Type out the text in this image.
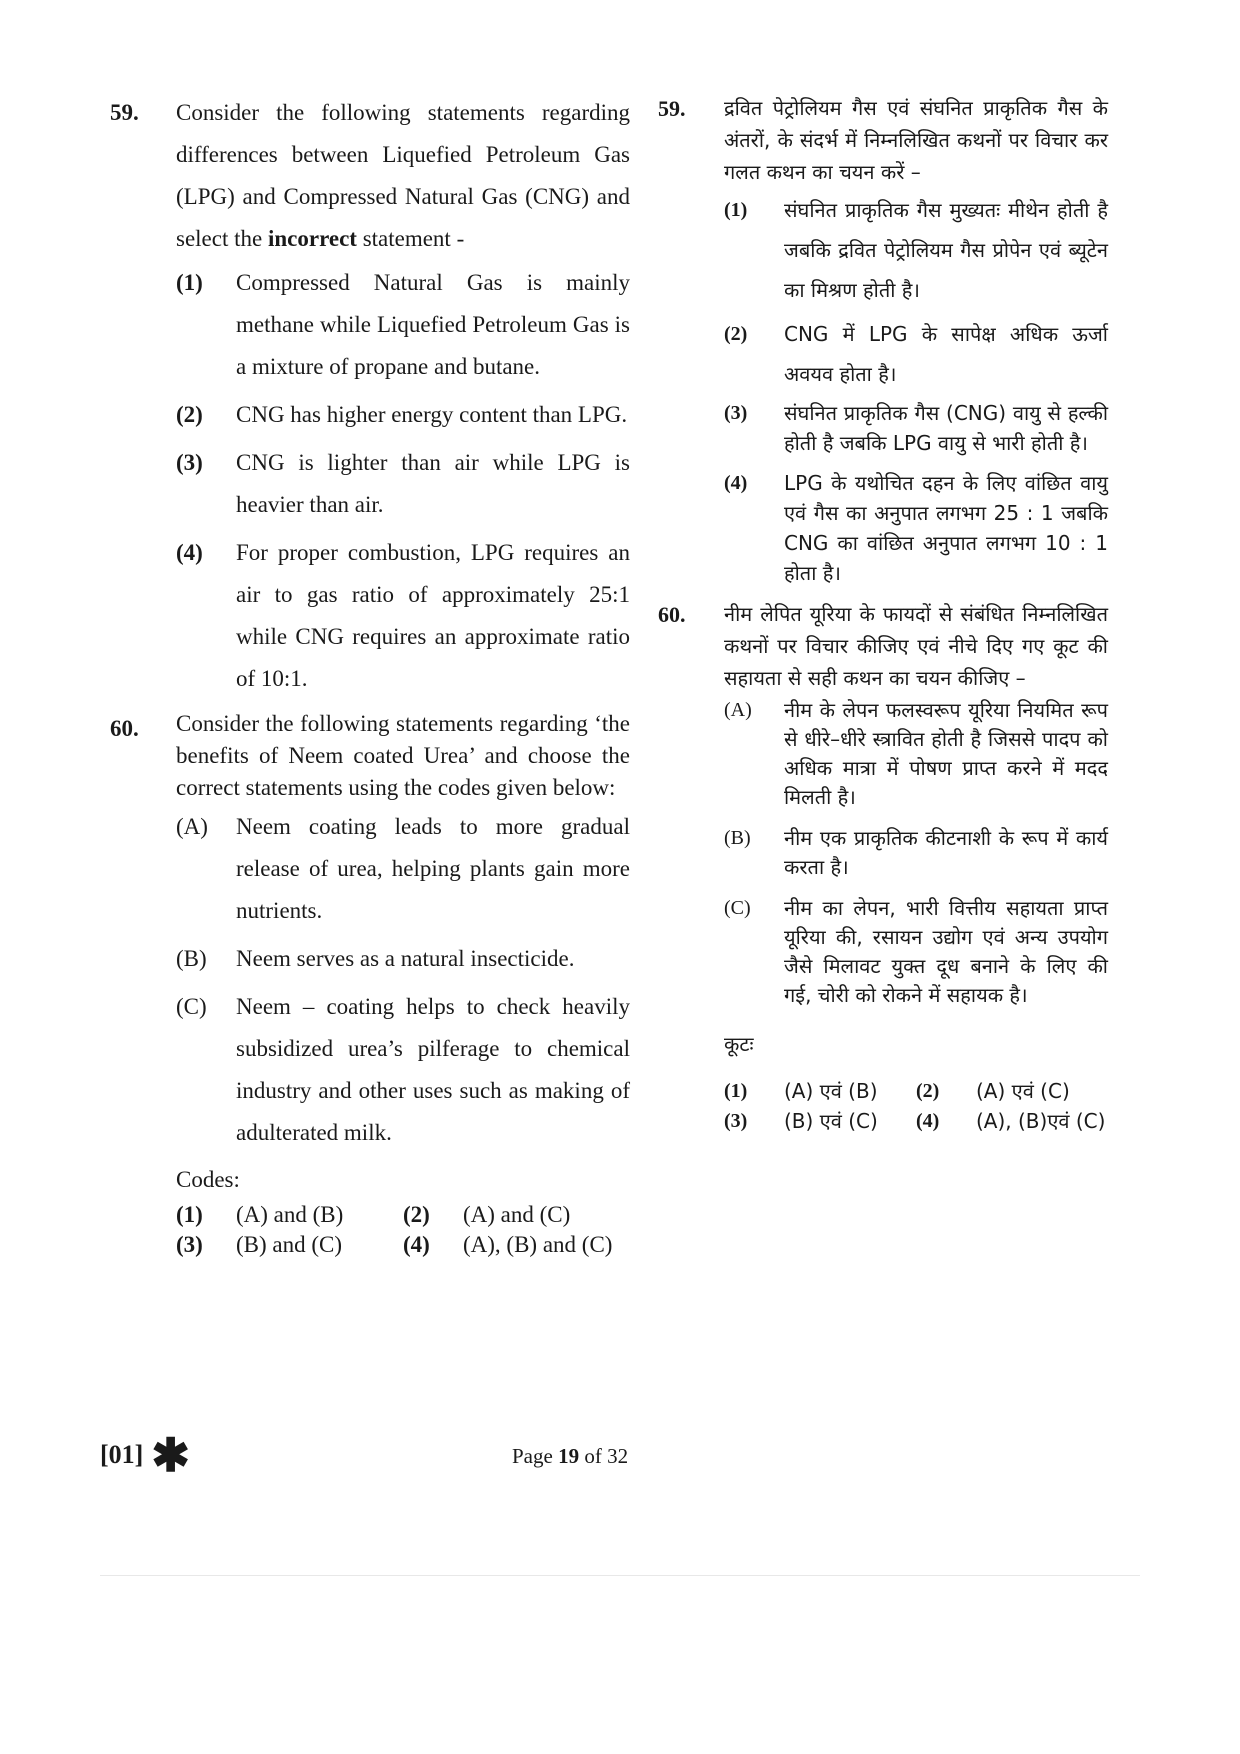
59. Consider the following statements regarding differences between Liquefied Petroleum Gas (LPG) and Compressed Natural Gas (CNG) and select the incorrect statement -
(1) Compressed Natural Gas is mainly methane while Liquefied Petroleum Gas is a mixture of propane and butane.
(2) CNG has higher energy content than LPG.
(3) CNG is lighter than air while LPG is heavier than air.
(4) For proper combustion, LPG requires an air to gas ratio of approximately 25:1 while CNG requires an approximate ratio of 10:1.
60. Consider the following statements regarding ‘the benefits of Neem coated Urea’ and choose the correct statements using the codes given below:
(A) Neem coating leads to more gradual release of urea, helping plants gain more nutrients.
(B) Neem serves as a natural insecticide.
(C) Neem – coating helps to check heavily subsidized urea’s pilferage to chemical industry and other uses such as making of adulterated milk.
Codes:
(1) (A) and (B)	(2) (A) and (C)
(3) (B) and (C)	(4) (A), (B) and (C)
59. द्रवित पेट्रोलियम गैस एवं संघनित प्राकृतिक गैस के अंतरों, के संदर्भ में निम्नलिखित कथनों पर विचार कर गलत कथन का चयन करें –
(1) संघनित प्राकृतिक गैस मुख्यतः मीथेन होती है जबकि द्रवित पेट्रोलियम गैस प्रोपेन एवं ब्यूटेन का मिश्रण होती है।
(2) CNG में LPG के सापेक्ष अधिक ऊर्जा अवयव होता है।
(3) संघनित प्राकृतिक गैस (CNG) वायु से हल्की होती है जबकि LPG वायु से भारी होती है।
(4) LPG के यथोचित दहन के लिए वांछित वायु एवं गैस का अनुपात लगभग 25 : 1 जबकि CNG का वांछित अनुपात लगभग 10 : 1 होता है।
60. नीम लेपित यूरिया के फायदों से संबंधित निम्नलिखित कथनों पर विचार कीजिए एवं नीचे दिए गए कूट की सहायता से सही कथन का चयन कीजिए –
(A) नीम के लेपन फलस्वरूप यूरिया नियमित रूप से धीरे–धीरे स्त्रावित होती है जिससे पादप को अधिक मात्रा में पोषण प्राप्त करने में मदद मिलती है।
(B) नीम एक प्राकृतिक कीटनाशी के रूप में कार्य करता है।
(C) नीम का लेपन, भारी वित्तीय सहायता प्राप्त यूरिया की, रसायन उद्योग एवं अन्य उपयोग जैसे मिलावट युक्त दूध बनाने के लिए की गई, चोरी को रोकने में सहायक है।
कूटः
(1) (A) एवं (B)	(2) (A) एवं (C)
(3) (B) एवं (C)	(4) (A), (B)एवं (C)
[01] ✱	Page 19 of 32
